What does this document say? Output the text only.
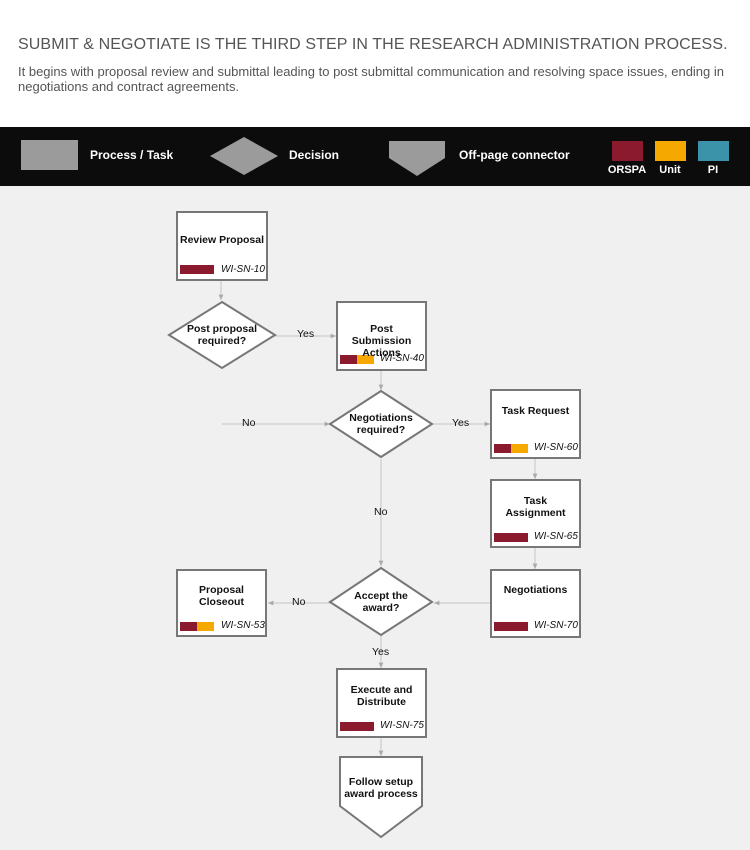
SUBMIT & NEGOTIATE IS THE THIRD STEP IN THE RESEARCH ADMINISTRATION PROCESS.
It begins with proposal review and submittal leading to post submittal communication and resolving space issues, ending in negotiations and contract agreements.
Process / Task	Decision	Off-page connector
ORSPA	Unit	PI
Review Proposal
Post Submission Actions
Task Request
Task Assignment
Negotiations
Proposal Closeout
Execute and Distribute
Post proposal required?
Negotiations required?
Accept the award?
Follow setup award process
WI-SN-10
WI-SN-40
WI-SN-60
WI-SN-65
WI-SN-70
WI-SN-53
WI-SN-75
Yes
No	Yes
No
No
Yes
